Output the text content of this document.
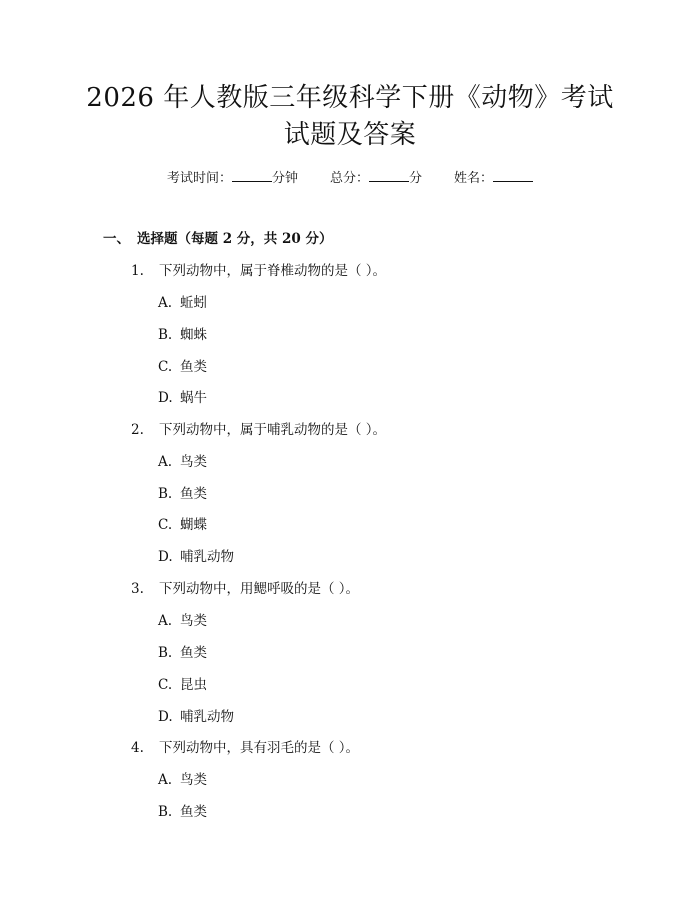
2026 年人教版三年级科学下册《动物》考试
试题及答案
考试时间：	分钟 总分：	分 姓名：
一、 选择题（每题 2 分，共 20 分）
1. 下列动物中，属于脊椎动物的是（ ）。
A. 蚯蚓
B. 蜘蛛
C. 鱼类
D. 蜗牛
2. 下列动物中，属于哺乳动物的是（ ）。
A. 鸟类
B. 鱼类
C. 蝴蝶
D. 哺乳动物
3. 下列动物中，用鳃呼吸的是（ ）。
A. 鸟类
B. 鱼类
C. 昆虫
D. 哺乳动物
4. 下列动物中，具有羽毛的是（ ）。
A. 鸟类
B. 鱼类
